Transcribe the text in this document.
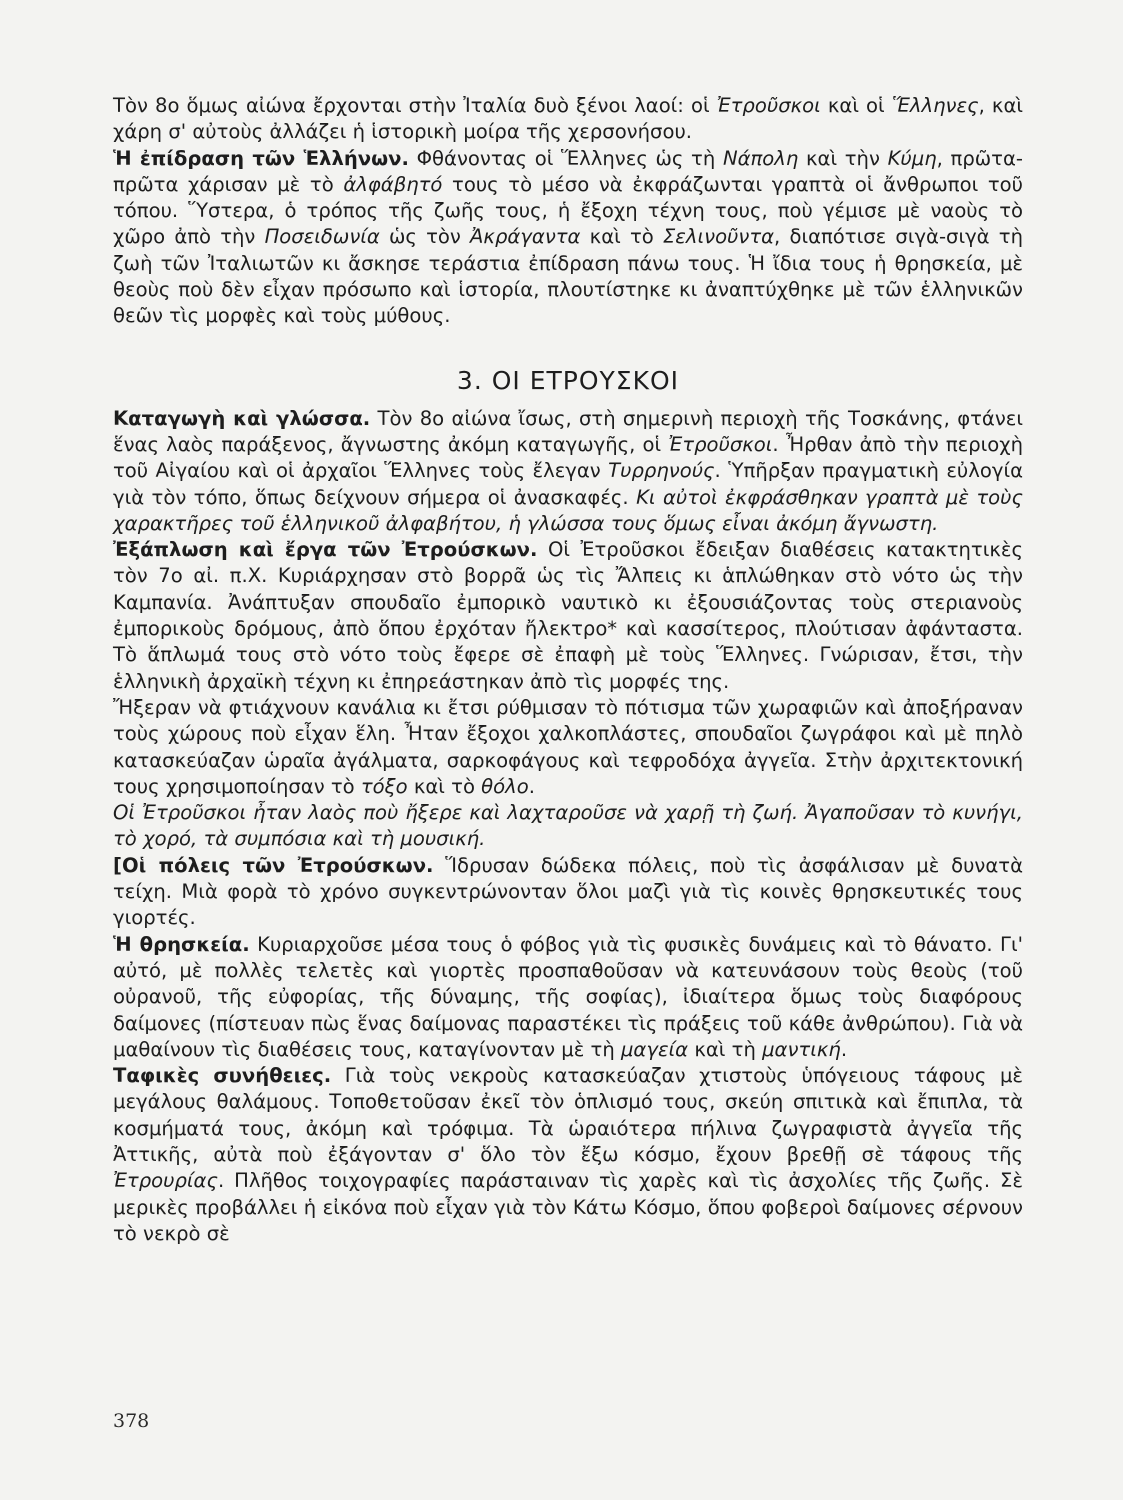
Τὸν 8ο ὅμως αἰώνα ἔρχονται στὴν Ἰταλία δυὸ ξένοι λαοί: οἱ Ἐτροῦσκοι καὶ οἱ Ἕλληνες, καὶ χάρη σ' αὐτοὺς ἀλλάζει ἡ ἱστορικὴ μοίρα τῆς χερσονήσου.

Ἡ ἐπίδραση τῶν Ἑλλήνων. Φθάνοντας οἱ Ἕλληνες ὡς τὴ Νάπολη καὶ τὴν Κύμη, πρῶτα-πρῶτα χάρισαν μὲ τὸ ἀλφάβητό τους τὸ μέσο νὰ ἐκφράζωνται γραπτὰ οἱ ἄνθρωποι τοῦ τόπου. Ὕστερα, ὁ τρόπος τῆς ζωῆς τους, ἡ ἔξοχη τέχνη τους, ποὺ γέμισε μὲ ναοὺς τὸ χῶρο ἀπὸ τὴν Ποσειδωνία ὡς τὸν Ἀκράγαντα καὶ τὸ Σελινοῦντα, διαπότισε σιγὰ-σιγὰ τὴ ζωὴ τῶν Ἰταλιωτῶν κι ἄσκησε τεράστια ἐπίδραση πάνω τους. Ἡ ἴδια τους ἡ θρησκεία, μὲ θεοὺς ποὺ δὲν εἶχαν πρόσωπο καὶ ἱστορία, πλουτίστηκε κι ἀναπτύχθηκε μὲ τῶν ἑλληνικῶν θεῶν τὶς μορφὲς καὶ τοὺς μύθους.

3. ΟΙ ΕΤΡΟΥΣΚΟΙ

Καταγωγὴ καὶ γλώσσα. Τὸν 8ο αἰώνα ἴσως, στὴ σημερινὴ περιοχὴ τῆς Τοσκάνης, φτάνει ἕνας λαὸς παράξενος, ἄγνωστης ἀκόμη καταγωγῆς, οἱ Ἐτροῦσκοι. Ἦρθαν ἀπὸ τὴν περιοχὴ τοῦ Αἰγαίου καὶ οἱ ἀρχαῖοι Ἕλληνες τοὺς ἔλεγαν Τυρρηνούς. Ὑπῆρξαν πραγματικὴ εὐλογία γιὰ τὸν τόπο, ὅπως δείχνουν σήμερα οἱ ἀνασκαφές. Κι αὐτοὶ ἐκφράσθηκαν γραπτὰ μὲ τοὺς χαρακτῆρες τοῦ ἑλληνικοῦ ἀλφαβήτου, ἡ γλώσσα τους ὅμως εἶναι ἀκόμη ἄγνωστη.

Ἐξάπλωση καὶ ἔργα τῶν Ἐτρούσκων. Οἱ Ἐτροῦσκοι ἔδειξαν διαθέσεις κατακτητικὲς τὸν 7ο αἰ. π.Χ. Κυριάρχησαν στὸ βορρᾶ ὡς τὶς Ἄλπεις κι ἁπλώθηκαν στὸ νότο ὡς τὴν Καμπανία. Ἀνάπτυξαν σπουδαῖο ἐμπορικὸ ναυτικὸ κι ἐξουσιάζοντας τοὺς στεριανοὺς ἐμπορικοὺς δρόμους, ἀπὸ ὅπου ἐρχόταν ἤλεκτρο* καὶ κασσίτερος, πλούτισαν ἀφάνταστα. Τὸ ἅπλωμά τους στὸ νότο τοὺς ἔφερε σὲ ἐπαφὴ μὲ τοὺς Ἕλληνες. Γνώρισαν, ἔτσι, τὴν ἑλληνικὴ ἀρχαϊκὴ τέχνη κι ἐπηρεάστηκαν ἀπὸ τὶς μορφές της.

Ἤξεραν νὰ φτιάχνουν κανάλια κι ἔτσι ρύθμισαν τὸ πότισμα τῶν χωραφιῶν καὶ ἀποξήραναν τοὺς χώρους ποὺ εἶχαν ἕλη. Ἦταν ἔξοχοι χαλκοπλάστες, σπουδαῖοι ζωγράφοι καὶ μὲ πηλὸ κατασκεύαζαν ὡραῖα ἀγάλματα, σαρκοφάγους καὶ τεφροδόχα ἀγγεῖα. Στὴν ἀρχιτεκτονική τους χρησιμοποίησαν τὸ τόξο καὶ τὸ θόλο.

Οἱ Ἐτροῦσκοι ἦταν λαὸς ποὺ ἤξερε καὶ λαχταροῦσε νὰ χαρῇ τὴ ζωή. Ἀγαποῦσαν τὸ κυνήγι, τὸ χορό, τὰ συμπόσια καὶ τὴ μουσική.

[Οἱ πόλεις τῶν Ἐτρούσκων. Ἵδρυσαν δώδεκα πόλεις, ποὺ τὶς ἀσφάλισαν μὲ δυνατὰ τείχη. Μιὰ φορὰ τὸ χρόνο συγκεντρώνονταν ὅλοι μαζὶ γιὰ τὶς κοινὲς θρησκευτικές τους γιορτές.

Ἡ θρησκεία. Κυριαρχοῦσε μέσα τους ὁ φόβος γιὰ τὶς φυσικὲς δυνάμεις καὶ τὸ θάνατο. Γι' αὐτό, μὲ πολλὲς τελετὲς καὶ γιορτὲς προσπαθοῦσαν νὰ κατευνάσουν τοὺς θεοὺς (τοῦ οὐρανοῦ, τῆς εὐφορίας, τῆς δύναμης, τῆς σοφίας), ἰδιαίτερα ὅμως τοὺς διαφόρους δαίμονες (πίστευαν πὼς ἕνας δαίμονας παραστέκει τὶς πράξεις τοῦ κάθε ἀνθρώπου). Γιὰ νὰ μαθαίνουν τὶς διαθέσεις τους, καταγίνονταν μὲ τὴ μαγεία καὶ τὴ μαντική.

Ταφικὲς συνήθειες. Γιὰ τοὺς νεκροὺς κατασκεύαζαν χτιστοὺς ὑπόγειους τάφους μὲ μεγάλους θαλάμους. Τοποθετοῦσαν ἐκεῖ τὸν ὁπλισμό τους, σκεύη σπιτικὰ καὶ ἔπιπλα, τὰ κοσμήματά τους, ἀκόμη καὶ τρόφιμα. Τὰ ὡραιότερα πήλινα ζωγραφιστὰ ἀγγεῖα τῆς Ἀττικῆς, αὐτὰ ποὺ ἐξάγονταν σ' ὅλο τὸν ἔξω κόσμο, ἔχουν βρεθῇ σὲ τάφους τῆς Ἐτρουρίας. Πλῆθος τοιχογραφίες παράσταιναν τὶς χαρὲς καὶ τὶς ἀσχολίες τῆς ζωῆς. Σὲ μερικὲς προβάλλει ἡ εἰκόνα ποὺ εἶχαν γιὰ τὸν Κάτω Κόσμο, ὅπου φοβεροὶ δαίμονες σέρνουν τὸ νεκρὸ σὲ

378
